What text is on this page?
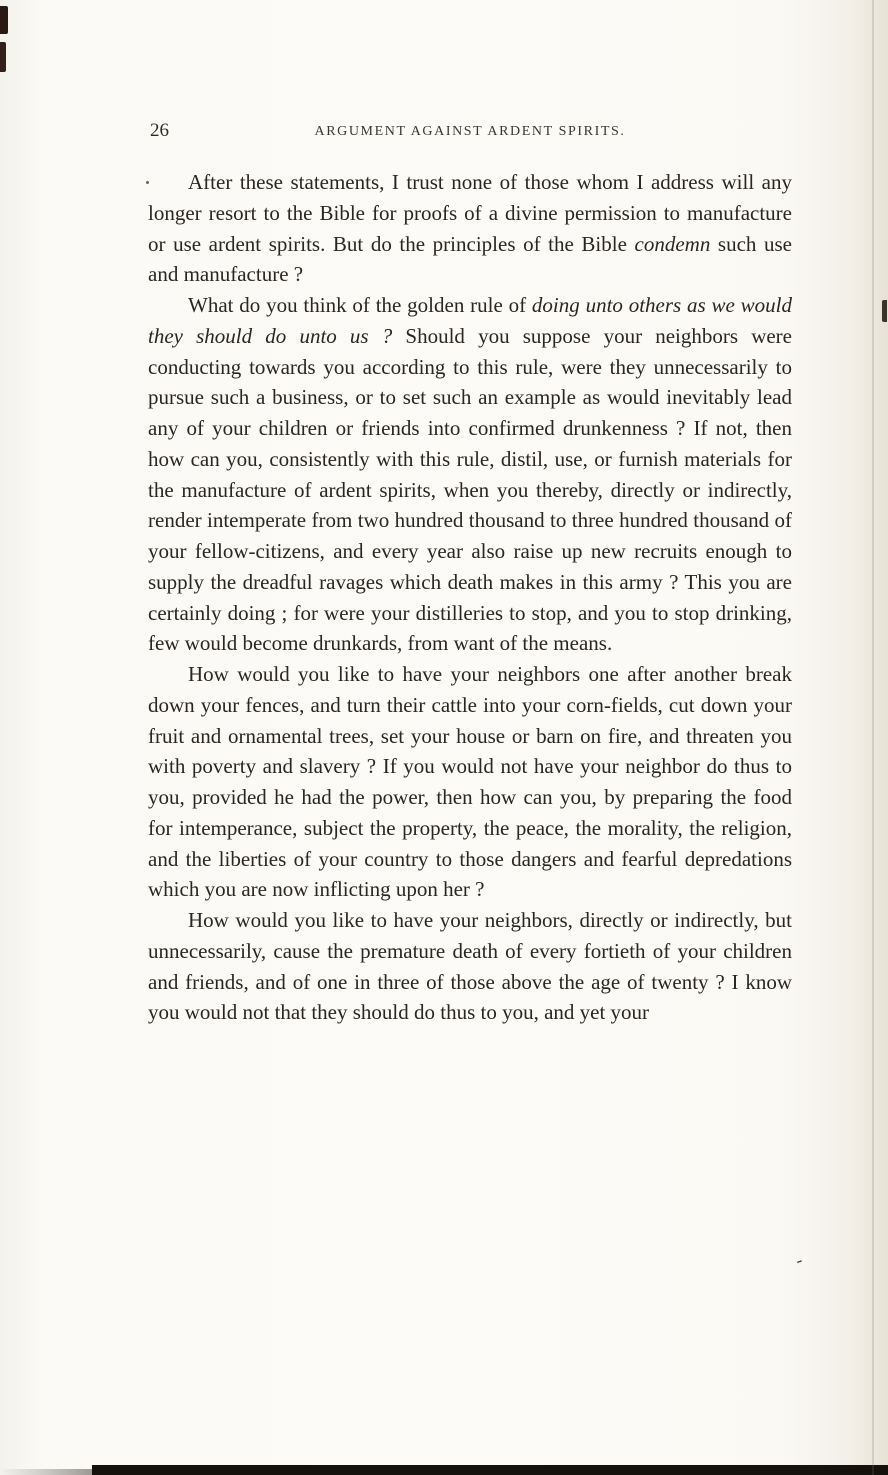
26	ARGUMENT AGAINST ARDENT SPIRITS.

After these statements, I trust none of those whom I address will any longer resort to the Bible for proofs of a divine permission to manufacture or use ardent spirits. But do the principles of the Bible condemn such use and manufacture ?

What do you think of the golden rule of doing unto others as we would they should do unto us ? Should you suppose your neighbors were conducting towards you according to this rule, were they unnecessarily to pursue such a business, or to set such an example as would inevitably lead any of your children or friends into confirmed drunkenness ? If not, then how can you, consistently with this rule, distil, use, or furnish materials for the manufacture of ardent spirits, when you thereby, directly or indirectly, render intemperate from two hundred thousand to three hundred thousand of your fellow-citizens, and every year also raise up new recruits enough to supply the dreadful ravages which death makes in this army ? This you are certainly doing ; for were your distilleries to stop, and you to stop drinking, few would become drunkards, from want of the means.

How would you like to have your neighbors one after another break down your fences, and turn their cattle into your corn-fields, cut down your fruit and ornamental trees, set your house or barn on fire, and threaten you with poverty and slavery ? If you would not have your neighbor do thus to you, provided he had the power, then how can you, by preparing the food for intemperance, subject the property, the peace, the morality, the religion, and the liberties of your country to those dangers and fearful depredations which you are now inflicting upon her ?

How would you like to have your neighbors, directly or indirectly, but unnecessarily, cause the premature death of every fortieth of your children and friends, and of one in three of those above the age of twenty ? I know you would not that they should do thus to you, and yet your

-
